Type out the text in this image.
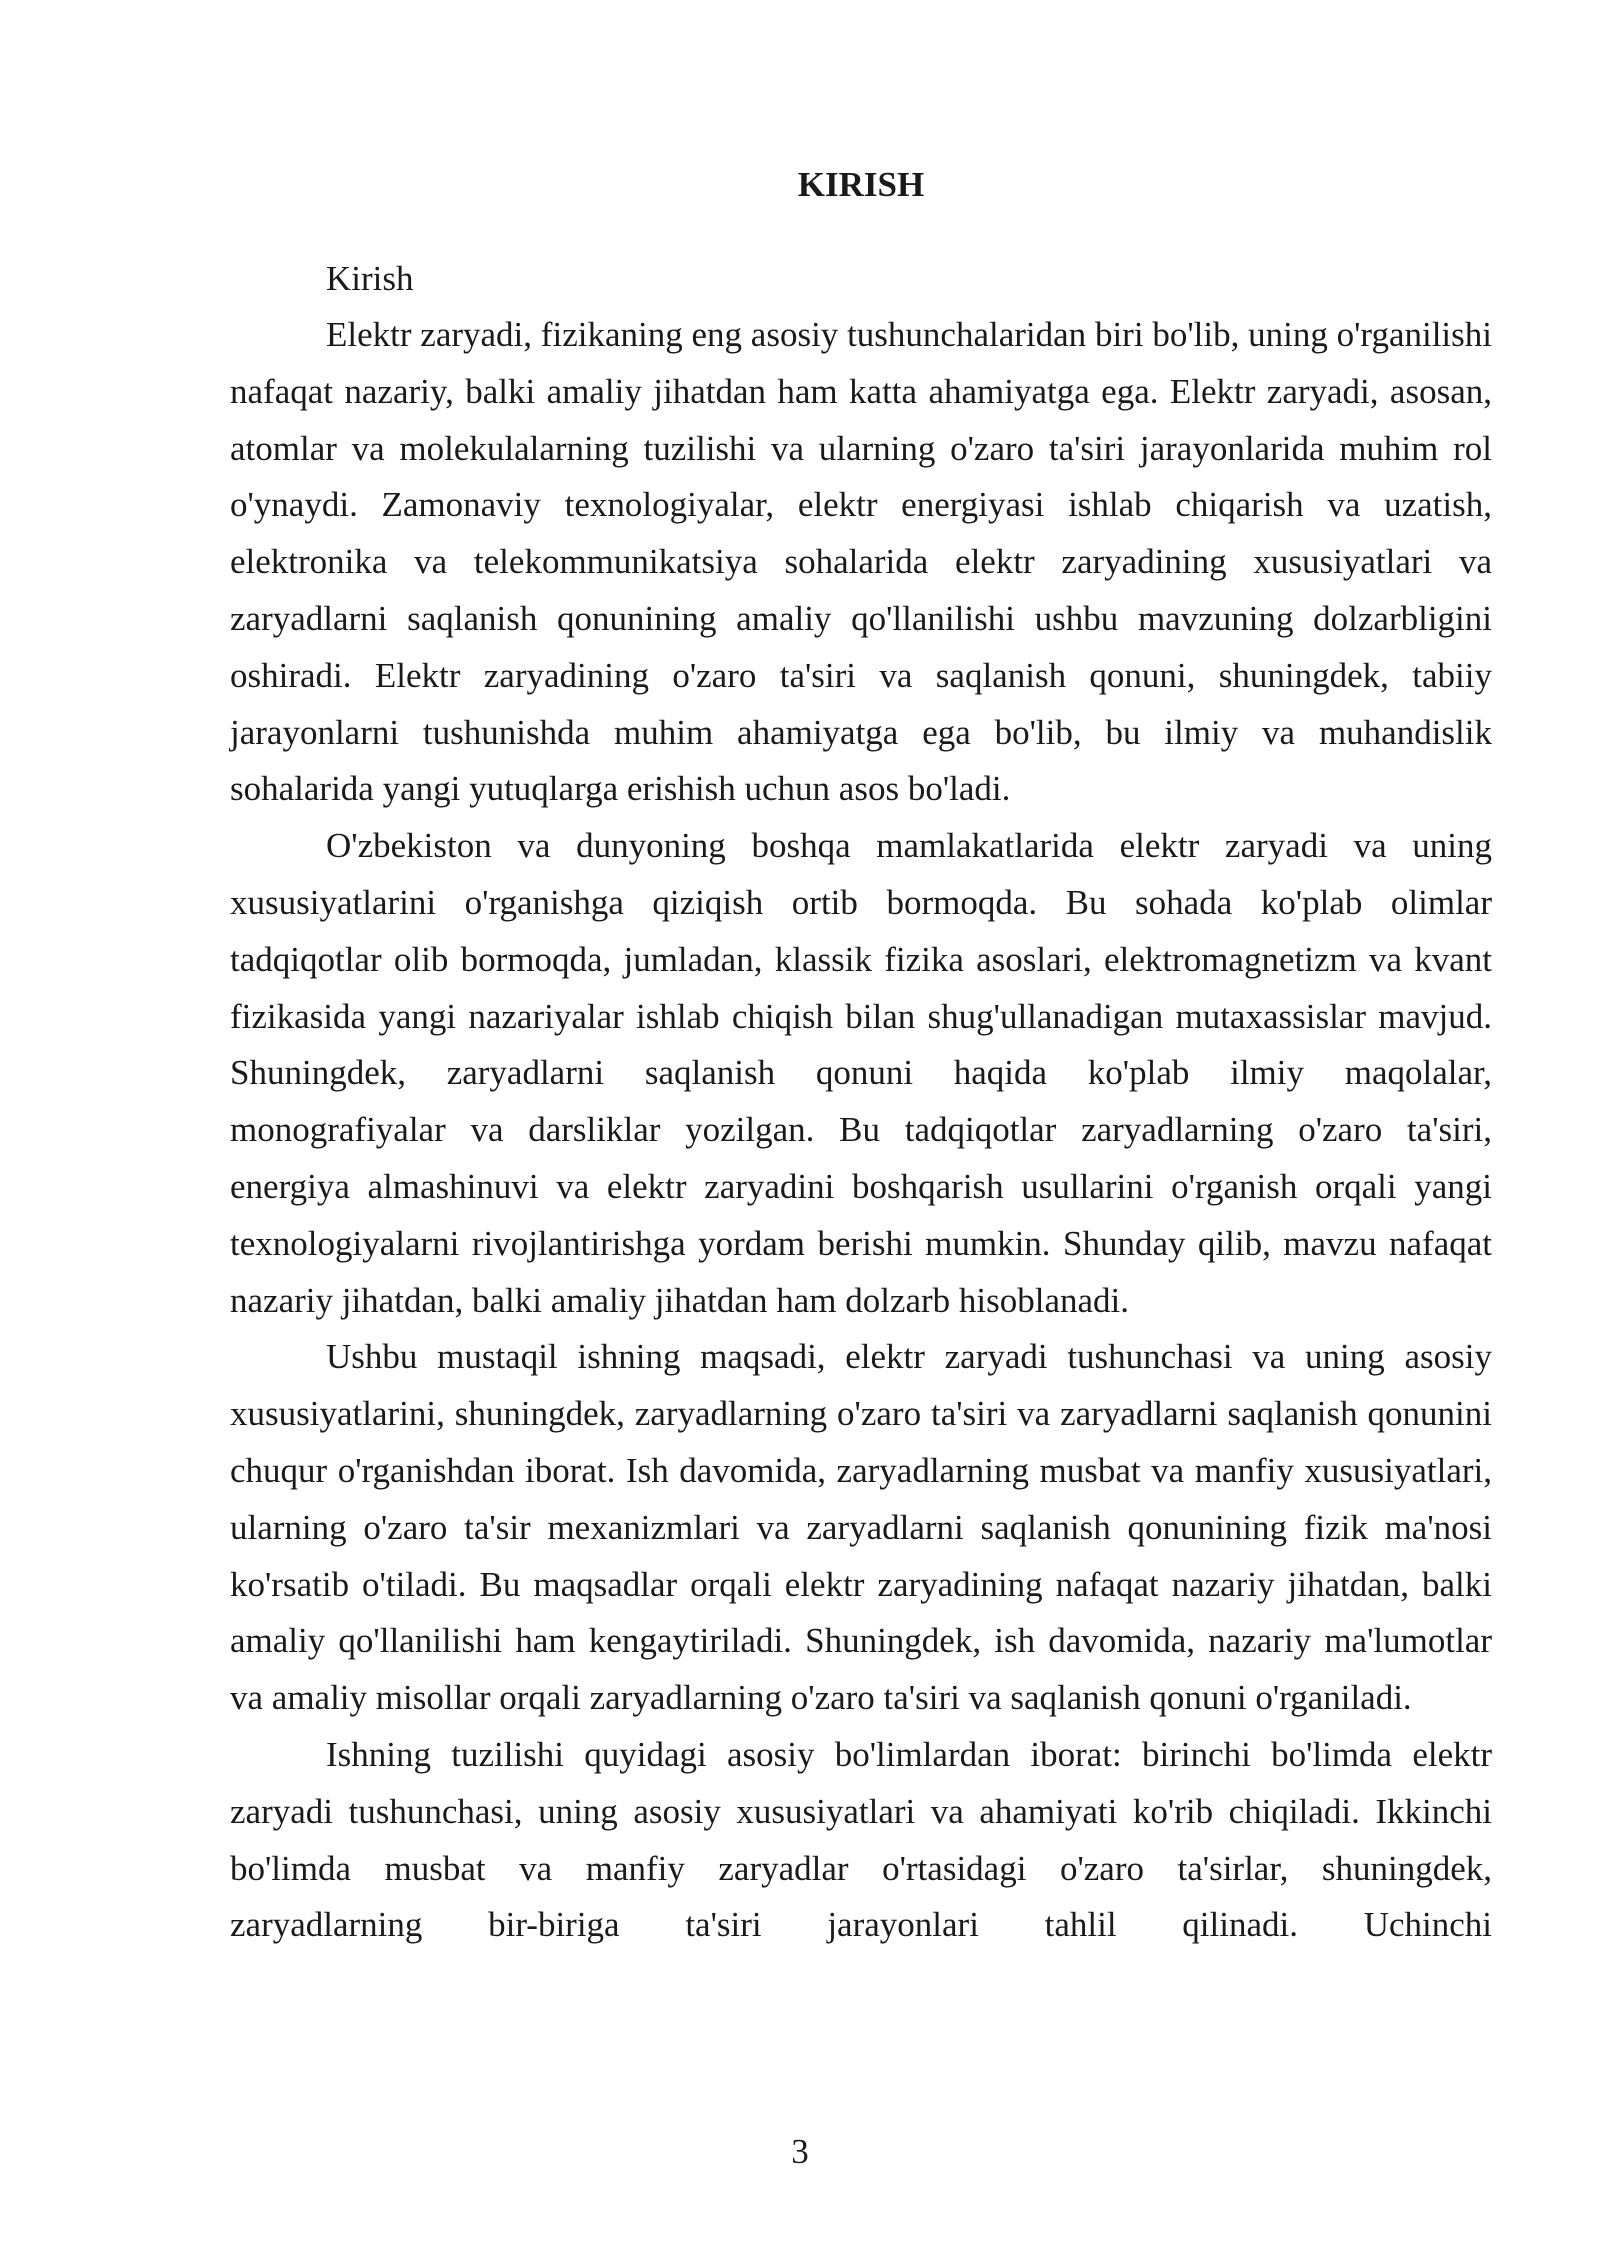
KIRISH

Kirish

Elektr zaryadi, fizikaning eng asosiy tushunchalaridan biri bo'lib, uning o'rganilishi nafaqat nazariy, balki amaliy jihatdan ham katta ahamiyatga ega. Elektr zaryadi, asosan, atomlar va molekulalarning tuzilishi va ularning o'zaro ta'siri jarayonlarida muhim rol o'ynaydi. Zamonaviy texnologiyalar, elektr energiyasi ishlab chiqarish va uzatish, elektronika va telekommunikatsiya sohalarida elektr zaryadining xususiyatlari va zaryadlarni saqlanish qonunining amaliy qo'llanilishi ushbu mavzuning dolzarbligini oshiradi. Elektr zaryadining o'zaro ta'siri va saqlanish qonuni, shuningdek, tabiiy jarayonlarni tushunishda muhim ahamiyatga ega bo'lib, bu ilmiy va muhandislik sohalarida yangi yutuqlarga erishish uchun asos bo'ladi.

O'zbekiston va dunyoning boshqa mamlakatlarida elektr zaryadi va uning xususiyatlarini o'rganishga qiziqish ortib bormoqda. Bu sohada ko'plab olimlar tadqiqotlar olib bormoqda, jumladan, klassik fizika asoslari, elektromagnetizm va kvant fizikasida yangi nazariyalar ishlab chiqish bilan shug'ullanadigan mutaxassislar mavjud. Shuningdek, zaryadlarni saqlanish qonuni haqida ko'plab ilmiy maqolalar, monografiyalar va darsliklar yozilgan. Bu tadqiqotlar zaryadlarning o'zaro ta'siri, energiya almashinuvi va elektr zaryadini boshqarish usullarini o'rganish orqali yangi texnologiyalarni rivojlantirishga yordam berishi mumkin. Shunday qilib, mavzu nafaqat nazariy jihatdan, balki amaliy jihatdan ham dolzarb hisoblanadi.

Ushbu mustaqil ishning maqsadi, elektr zaryadi tushunchasi va uning asosiy xususiyatlarini, shuningdek, zaryadlarning o'zaro ta'siri va zaryadlarni saqlanish qonunini chuqur o'rganishdan iborat. Ish davomida, zaryadlarning musbat va manfiy xususiyatlari, ularning o'zaro ta'sir mexanizmlari va zaryadlarni saqlanish qonunining fizik ma'nosi ko'rsatib o'tiladi. Bu maqsadlar orqali elektr zaryadining nafaqat nazariy jihatdan, balki amaliy qo'llanilishi ham kengaytiriladi. Shuningdek, ish davomida, nazariy ma'lumotlar va amaliy misollar orqali zaryadlarning o'zaro ta'siri va saqlanish qonuni o'rganiladi.

Ishning tuzilishi quyidagi asosiy bo'limlardan iborat: birinchi bo'limda elektr zaryadi tushunchasi, uning asosiy xususiyatlari va ahamiyati ko'rib chiqiladi. Ikkinchi bo'limda musbat va manfiy zaryadlar o'rtasidagi o'zaro ta'sirlar, shuningdek, zaryadlarning bir-biriga ta'siri jarayonlari tahlil qilinadi. Uchinchi

3
